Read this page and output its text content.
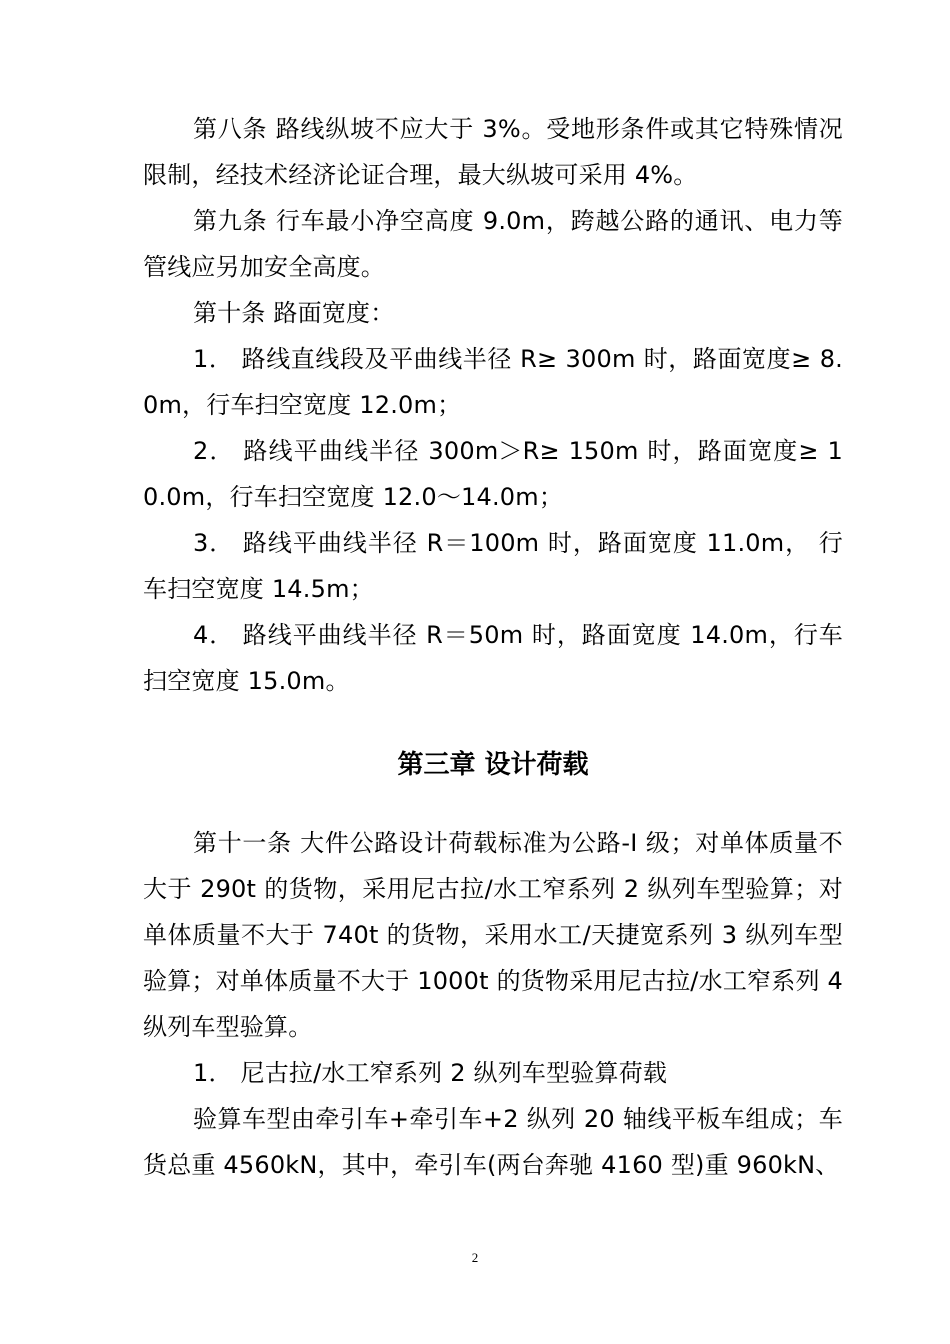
第八条 路线纵坡不应大于 3%。受地形条件或其它特殊情况限制，经技术经济论证合理，最大纵坡可采用 4%。

第九条 行车最小净空高度 9.0m，跨越公路的通讯、电力等管线应另加安全高度。

第十条 路面宽度：

1． 路线直线段及平曲线半径 R≥ 300m 时，路面宽度≥ 8.0m，行车扫空宽度 12.0m；

2． 路线平曲线半径 300m＞R≥ 150m 时，路面宽度≥ 10.0m，行车扫空宽度 12.0～14.0m；

3． 路线平曲线半径 R＝100m 时，路面宽度 11.0m， 行车扫空宽度 14.5m；

4． 路线平曲线半径 R＝50m 时，路面宽度 14.0m，行车扫空宽度 15.0m。

第三章 设计荷载

第十一条 大件公路设计荷载标准为公路-I 级；对单体质量不大于 290t 的货物，采用尼古拉/水工窄系列 2 纵列车型验算；对单体质量不大于 740t 的货物，采用水工/天捷宽系列 3 纵列车型验算；对单体质量不大于 1000t 的货物采用尼古拉/水工窄系列 4 纵列车型验算。

1． 尼古拉/水工窄系列 2 纵列车型验算荷载

验算车型由牵引车+牵引车+2 纵列 20 轴线平板车组成；车货总重 4560kN，其中，牵引车(两台奔驰 4160 型)重 960kN、

2
